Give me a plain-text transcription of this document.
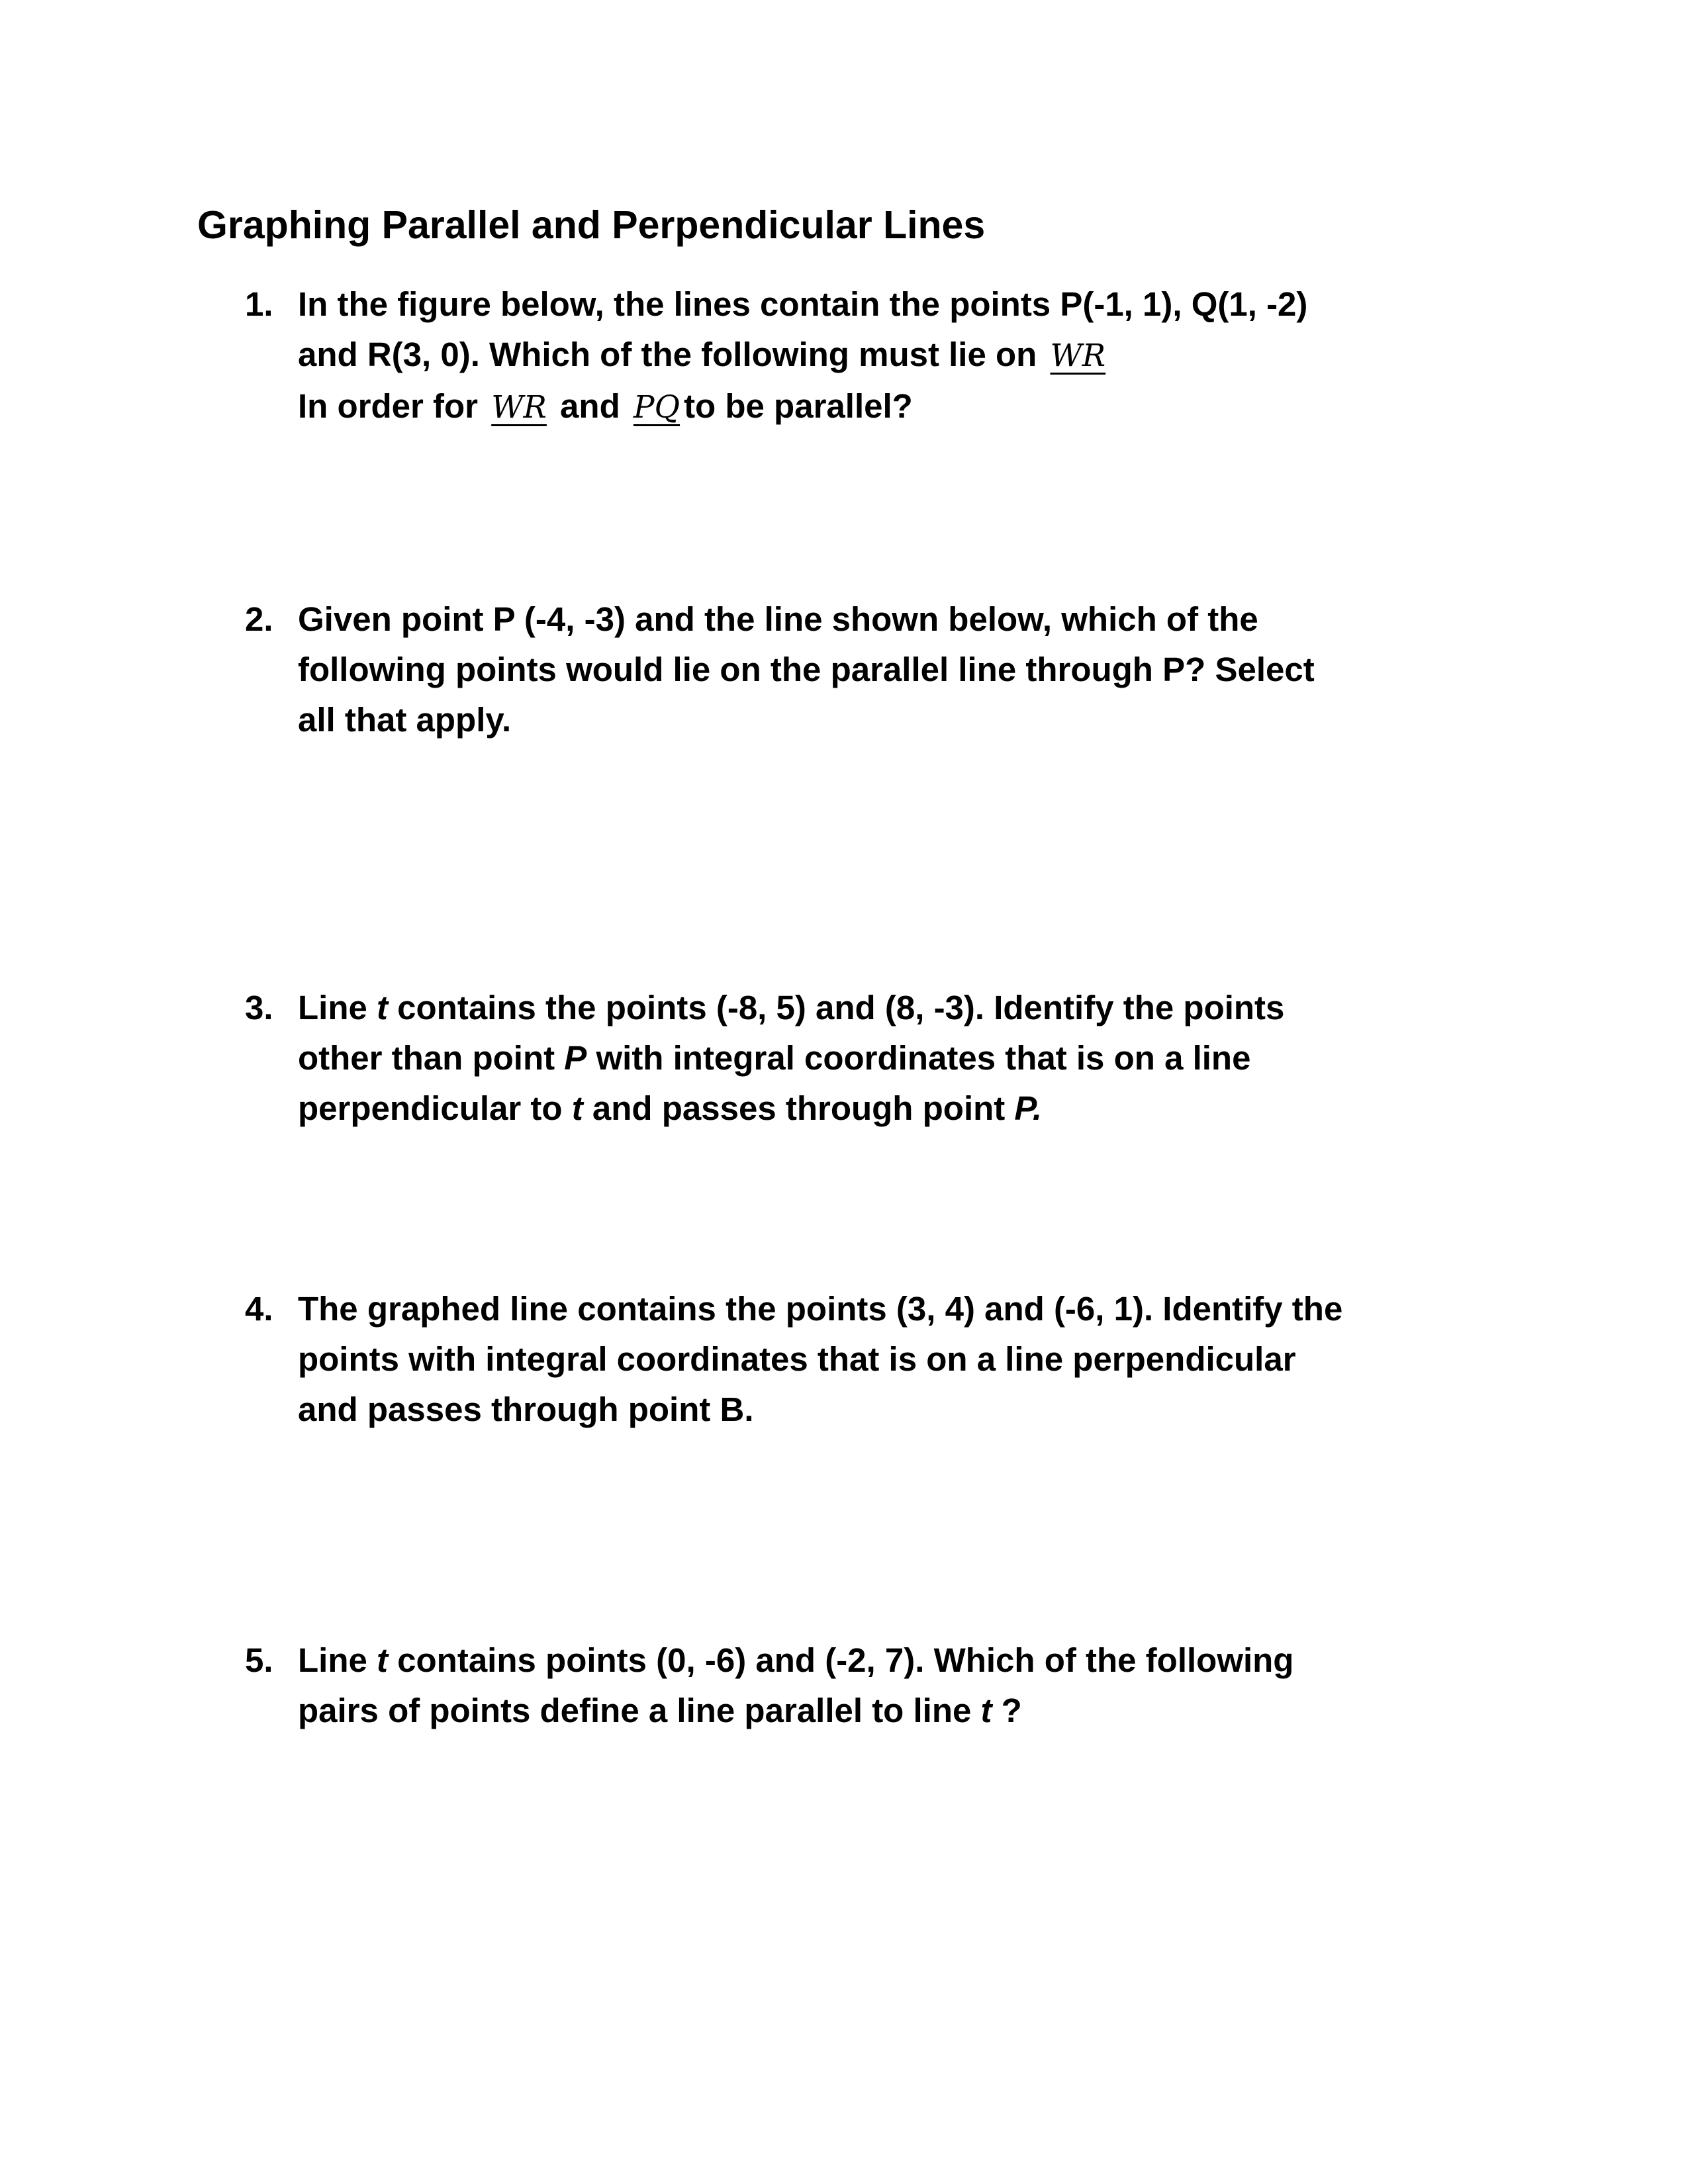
Graphing Parallel and Perpendicular Lines
1. In the figure below, the lines contain the points P(-1, 1), Q(1, -2)
and R(3, 0). Which of the following must lie on WR
In order for WR and PQ to be parallel?
2. Given point P (-4, -3) and the line shown below, which of the
following points would lie on the parallel line through P? Select
all that apply.
3. Line t contains the points (-8, 5) and (8, -3). Identify the points
other than point P with integral coordinates that is on a line
perpendicular to t and passes through point P.
4. The graphed line contains the points (3, 4) and (-6, 1). Identify the
points with integral coordinates that is on a line perpendicular
and passes through point B.
5. Line t contains points (0, -6) and (-2, 7). Which of the following
pairs of points define a line parallel to line t ?
